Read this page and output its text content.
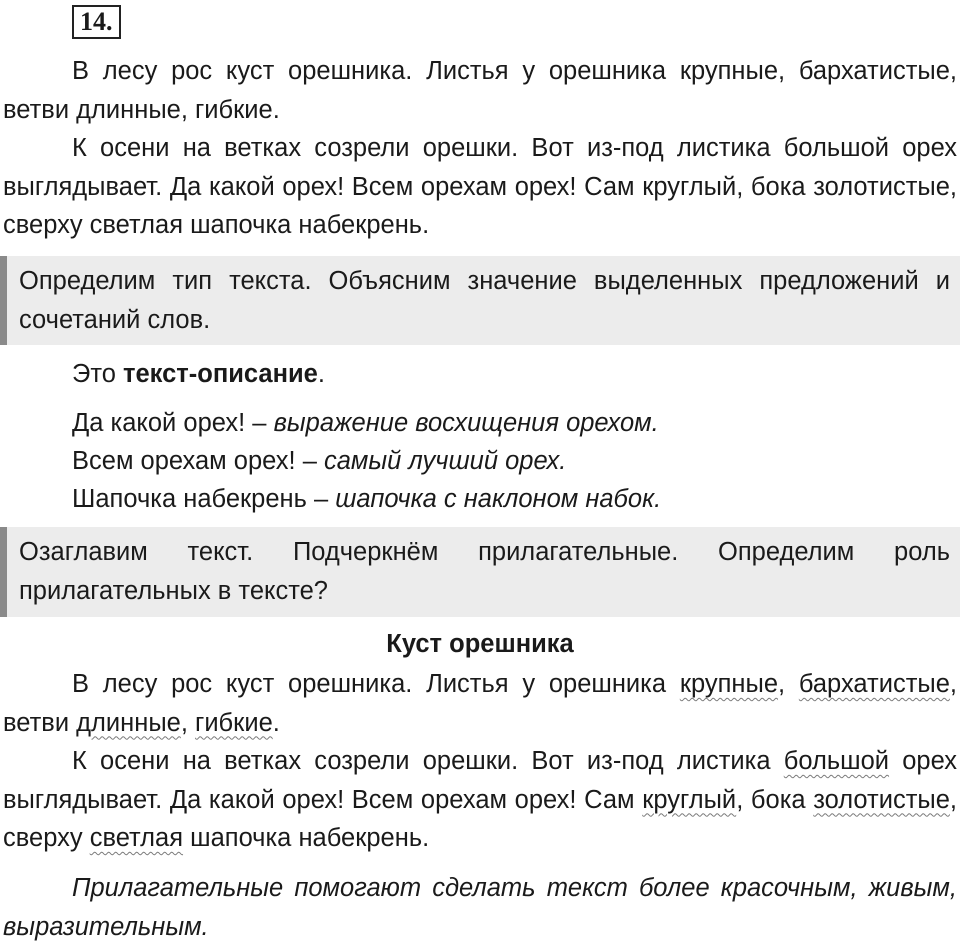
14.

В лесу рос куст орешника. Листья у орешника крупные, бархатистые, ветви длинные, гибкие.

К осени на ветках созрели орешки. Вот из-под листика большой орех выглядывает. Да какой орех! Всем орехам орех! Сам круглый, бока золотистые, сверху светлая шапочка набекрень.

Определим тип текста. Объясним значение выделенных предложений и сочетаний слов.

Это текст-описание.
Да какой орех! – выражение восхищения орехом.
Всем орехам орех! – самый лучший орех.
Шапочка набекрень – шапочка с наклоном набок.

Озаглавим текст. Подчеркнём прилагательные. Определим роль прилагательных в тексте?

Куст орешника

В лесу рос куст орешника. Листья у орешника крупные, бархатистые, ветви длинные, гибкие.

К осени на ветках созрели орешки. Вот из-под листика большой орех выглядывает. Да какой орех! Всем орехам орех! Сам круглый, бока золотистые, сверху светлая шапочка набекрень.

Прилагательные помогают сделать текст более красочным, живым, выразительным.
